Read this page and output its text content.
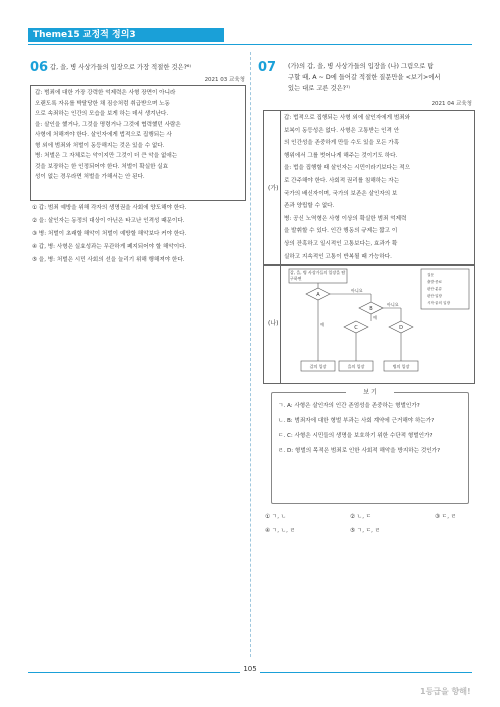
Theme15 교정적 정의3
06 갑, 을, 병 사상가들의 입장으로 가장 적절한 것은?⁶⁾
2021 03 교육청
갑: 범죄에 대한 가장 강력한 억제력은 사형 장면이 아니라
오랜도록 자유를 박탈당한 채 짐승처럼 취급받으며 노동
으로 속죄하는 인간의 모습을 보게 하는 데서 생겨난다.
을: 살인을 했거나, 그것을 명령거나 그것에 협력했던 사람은
사형에 처해져야 한다. 살인자에게 법적으로 집행되는 사
형 외에 범죄와 처벌이 동등해지는 것은 있을 수 없다.
병: 처벌은 그 자체로는 악이지만 그것이 더 큰 악을 없애는
것을 보장하는 한 인정되어야 한다. 처벌이 확실한 실효
성이 없는 경우라면 처벌을 가해서는 안 된다.
① 갑: 범죄 예방을 위해 각자의 생명권을 사회에 양도해야 한다.
② 을: 살인자는 동정의 대상이 아닌은 타고난 인격성 때문이다.
③ 병: 처벌이 초래할 해악이 처벌이 예방할 해악보다 커야 한다.
④ 갑, 병: 사형은 실효성과는 무관하게 폐지되어야 할 해악이다.
⑤ 을, 병: 처벌은 시민 사회의 선을 늘리기 위해 행해져야 한다.
07 (가)의 갑, 을, 병 사상가들의 입장을 (나) 그림으로 탐
구할 때, A ~ D에 들어갈 적절한 질문만을 <보기>에서
있는 대로 고른 것은?⁷⁾
2021 04 교육청
(가)
갑: 법적으로 집행되는 사형 외에 살인자에게 범죄와
보복이 동등성은 없다. 사형은 고통받는 인격 안
의 인간성을 존중하게 만들 수도 있을 모든 가혹
행위에서 그를 벗어나게 해주는 것이기도 하다.
을: 법을 집행할 때 살인자는 시민이라기보다는 적으
로 간주해야 한다. 사회적 권리를 침해하는 자는
국가의 배신자이며, 국가의 보존은 살인자의 보
존과 양립할 수 없다.
병: 공신 노역형은 사형 이상의 확실한 범죄 억제력
을 발휘할 수 있다. 인간 행동의 규제는 짧고 이
상의 잔혹하고 일시적인 고통보다는, 효과가 확
실하고 지속적인 고통이 반복될 때 가능하다.
(나)
갑, 을, 병 사상가들의 입장을 탐구하면
A
아니요
B
아니요
예
C	D
예
갑의 입장	을의 입장	병의 입장
질문
출발·종료
판단·분류
판단·입장
시작·끝의 입장
보 기
ㄱ. A: 사형은 살인자의 인간 존엄성을 존중하는 형벌인가?
ㄴ. B: 범죄자에 대한 형벌 부과는 사회 계약에 근거해야 하는가?
ㄷ. C: 사형은 시민들의 생명을 보호하기 위한 수단적 형벌인가?
ㄹ. D: 형벌의 목적은 범죄로 인한 사회적 해악을 방지하는 것인가?
① ㄱ, ㄴ	② ㄴ, ㄷ	③ ㄷ, ㄹ
④ ㄱ, ㄴ, ㄹ	⑤ ㄱ, ㄷ, ㄹ
105
1등급을 향해!
